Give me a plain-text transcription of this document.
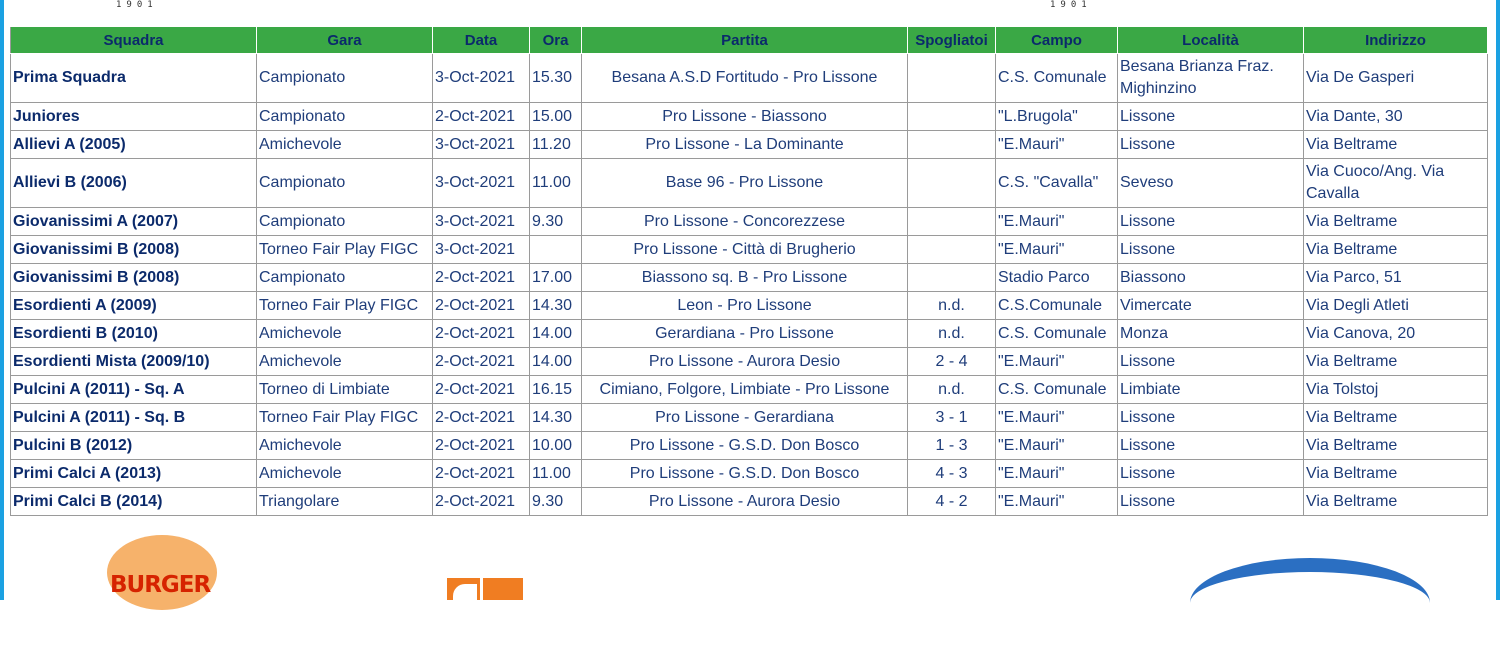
1901	1901
Squadra	Gara	Data	Ora	Partita	Spogliatoi	Campo	Località	Indirizzo
Prima Squadra	Campionato	3-Oct-2021	15.30	Besana A.S.D Fortitudo - Pro Lissone		C.S. Comunale	Besana Brianza Fraz. Mighinzino	Via De Gasperi
Juniores	Campionato	2-Oct-2021	15.00	Pro Lissone - Biassono		"L.Brugola"	Lissone	Via Dante, 30
Allievi A (2005)	Amichevole	3-Oct-2021	11.20	Pro Lissone - La Dominante		"E.Mauri"	Lissone	Via Beltrame
Allievi B (2006)	Campionato	3-Oct-2021	11.00	Base 96 - Pro Lissone		C.S. "Cavalla"	Seveso	Via Cuoco/Ang. Via Cavalla
Giovanissimi A (2007)	Campionato	3-Oct-2021	9.30	Pro Lissone - Concorezzese		"E.Mauri"	Lissone	Via Beltrame
Giovanissimi B (2008)	Torneo Fair Play FIGC	3-Oct-2021		Pro Lissone - Città di Brugherio		"E.Mauri"	Lissone	Via Beltrame
Giovanissimi B (2008)	Campionato	2-Oct-2021	17.00	Biassono sq. B - Pro Lissone		Stadio Parco	Biassono	Via Parco, 51
Esordienti A (2009)	Torneo Fair Play FIGC	2-Oct-2021	14.30	Leon - Pro Lissone	n.d.	C.S.Comunale	Vimercate	Via Degli Atleti
Esordienti B (2010)	Amichevole	2-Oct-2021	14.00	Gerardiana - Pro Lissone	n.d.	C.S. Comunale	Monza	Via Canova, 20
Esordienti Mista (2009/10)	Amichevole	2-Oct-2021	14.00	Pro Lissone - Aurora Desio	2 - 4	"E.Mauri"	Lissone	Via Beltrame
Pulcini A (2011) - Sq. A	Torneo di Limbiate	2-Oct-2021	16.15	Cimiano, Folgore, Limbiate - Pro Lissone	n.d.	C.S. Comunale	Limbiate	Via Tolstoj
Pulcini A (2011) - Sq. B	Torneo Fair Play FIGC	2-Oct-2021	14.30	Pro Lissone - Gerardiana	3 - 1	"E.Mauri"	Lissone	Via Beltrame
Pulcini B (2012)	Amichevole	2-Oct-2021	10.00	Pro Lissone - G.S.D. Don Bosco	1 - 3	"E.Mauri"	Lissone	Via Beltrame
Primi Calci A (2013)	Amichevole	2-Oct-2021	11.00	Pro Lissone - G.S.D. Don Bosco	4 - 3	"E.Mauri"	Lissone	Via Beltrame
Primi Calci B (2014)	Triangolare	2-Oct-2021	9.30	Pro Lissone - Aurora Desio	4 - 2	"E.Mauri"	Lissone	Via Beltrame
BURGER
